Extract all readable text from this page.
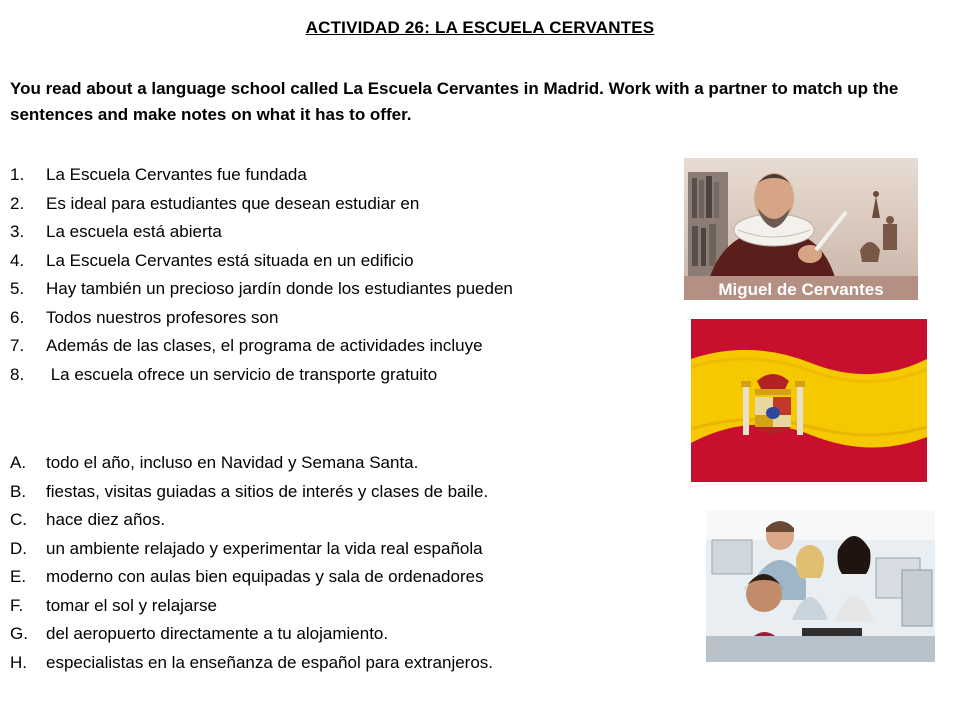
ACTIVIDAD 26: LA ESCUELA CERVANTES
You read about a language school called La Escuela Cervantes in Madrid. Work with a partner to match up the sentences and make notes on what it has to offer.
1.	La Escuela Cervantes fue fundada
2.	Es ideal para estudiantes que desean estudiar en
3.	La escuela está abierta
4.	La Escuela Cervantes está situada en un edificio
5.	Hay también un precioso jardín donde los estudiantes pueden
6.	Todos nuestros profesores son
7.	Además de las clases, el programa de actividades incluye
8.	La escuela ofrece un servicio de transporte gratuito
A.	todo el año, incluso en Navidad y Semana Santa.
B.	fiestas, visitas guiadas a sitios de interés y clases de baile.
C.	hace diez años.
D.	un ambiente relajado y experimentar la vida real española
E.	moderno con aulas bien equipadas y sala de ordenadores
F.	tomar el sol y relajarse
G.	del aeropuerto directamente a tu alojamiento.
H.	especialistas en la enseñanza de español para extranjeros.
Miguel de Cervantes
